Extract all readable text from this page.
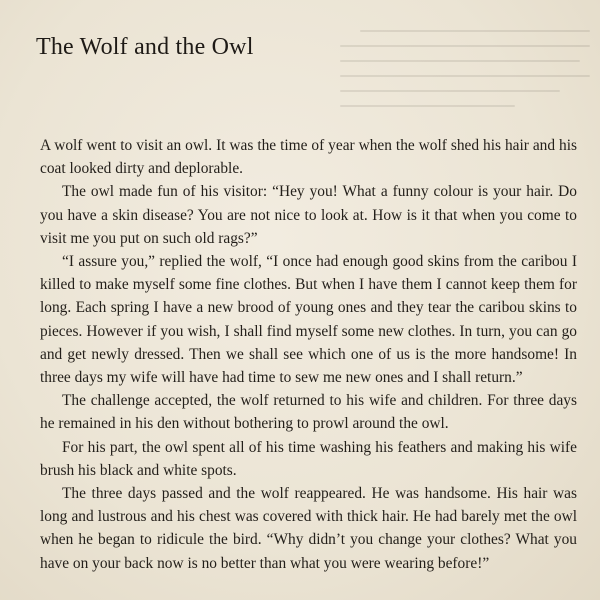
The Wolf and the Owl

A wolf went to visit an owl. It was the time of year when the wolf shed his hair and his coat looked dirty and deplorable.

The owl made fun of his visitor: “Hey you! What a funny colour is your hair. Do you have a skin disease? You are not nice to look at. How is it that when you come to visit me you put on such old rags?”

“I assure you,” replied the wolf, “I once had enough good skins from the caribou I killed to make myself some fine clothes. But when I have them I cannot keep them for long. Each spring I have a new brood of young ones and they tear the caribou skins to pieces. However if you wish, I shall find myself some new clothes. In turn, you can go and get newly dressed. Then we shall see which one of us is the more handsome! In three days my wife will have had time to sew me new ones and I shall return.”

The challenge accepted, the wolf returned to his wife and children. For three days he remained in his den without bothering to prowl around the owl.

For his part, the owl spent all of his time washing his feathers and making his wife brush his black and white spots.

The three days passed and the wolf reappeared. He was handsome. His hair was long and lustrous and his chest was covered with thick hair. He had barely met the owl when he began to ridicule the bird. “Why didn’t you change your clothes? What you have on your back now is no better than what you were wearing before!”
